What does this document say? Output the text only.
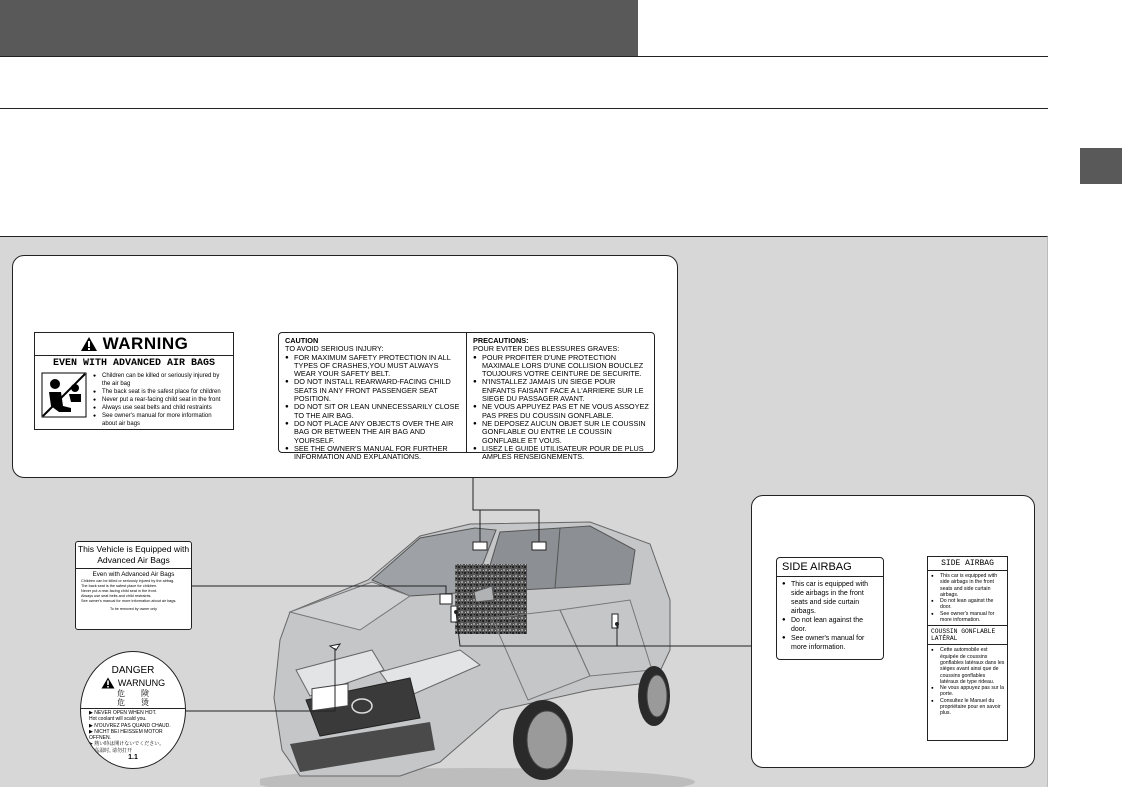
WARNING
EVEN WITH ADVANCED AIR BAGS
● Children can be killed or seriously injured by the air bag
● The back seat is the safest place for children
● Never put a rear-facing child seat in the front
● Always use seat belts and child restraints
● See owner's manual for more information about air bags
CAUTION
TO AVOID SERIOUS INJURY:
● FOR MAXIMUM SAFETY PROTECTION IN ALL TYPES OF CRASHES,YOU MUST ALWAYS WEAR YOUR SAFETY BELT.
● DO NOT INSTALL REARWARD-FACING CHILD SEATS IN ANY FRONT PASSENGER SEAT POSITION.
● DO NOT SIT OR LEAN UNNECESSARILY CLOSE TO THE AIR BAG.
● DO NOT PLACE ANY OBJECTS OVER THE AIR BAG OR BETWEEN THE AIR BAG AND YOURSELF.
● SEE THE OWNER'S MANUAL FOR FURTHER INFORMATION AND EXPLANATIONS.
PRECAUTIONS:
POUR EVITER DES BLESSURES GRAVES:
● POUR PROFITER D'UNE PROTECTION MAXIMALE LORS D'UNE COLLISION BOUCLEZ TOUJOURS VOTRE CEINTURE DE SECURITE.
● N'INSTALLEZ JAMAIS UN SIEGE POUR ENFANTS FAISANT FACE A L'ARRIERE SUR LE SIEGE DU PASSAGER AVANT.
● NE VOUS APPUYEZ PAS ET NE VOUS ASSOYEZ PAS PRES DU COUSSIN GONFLABLE.
● NE DEPOSEZ AUCUN OBJET SUR LE COUSSIN GONFLABLE OU ENTRE LE COUSSIN GONFLABLE ET VOUS.
● LISEZ LE GUIDE UTILISATEUR POUR DE PLUS AMPLES RENSEIGNEMENTS.
SIDE AIRBAG
● This car is equipped with side airbags in the front seats and side curtain airbags.
● Do not lean against the door.
● See owner's manual for more information.
SIDE AIRBAG
● This car is equipped with side airbags in the front seats and side curtain airbags.
● Do not lean against the door.
● See owner's manual for more information.
COUSSIN GONFLABLE
LATÉRAL
● Cette automobile est équipée de coussins gonflables latéraux dans les sièges avant ainsi que de coussins gonflables latéraux de type rideau.
● Ne vous appuyez pas sur la porte.
● Consultez le Manuel du propriétaire pour en savoir plus.
This Vehicle is Equipped with
Advanced Air Bags
Even with Advanced Air Bags
Children can be killed or seriously injured by the airbag.
The back seat is the safest place for children.
Never put a rear-facing child seat in the front.
Always use seat belts and child restraints.
See owner's manual for more information about air bags.
To be removed by owner only
DANGER
WARNUNG
危　　険
危　　烫
▶ NEVER OPEN WHEN HOT.
Hot coolant will scald you.
▶ N'OUVREZ PAS QUAND CHAUD.
▶ NICHT BEI HEISSEM MOTOR OFFNEN.
▶ 熱い時は開けないでください。
高温时, 请勿打开
1.1
